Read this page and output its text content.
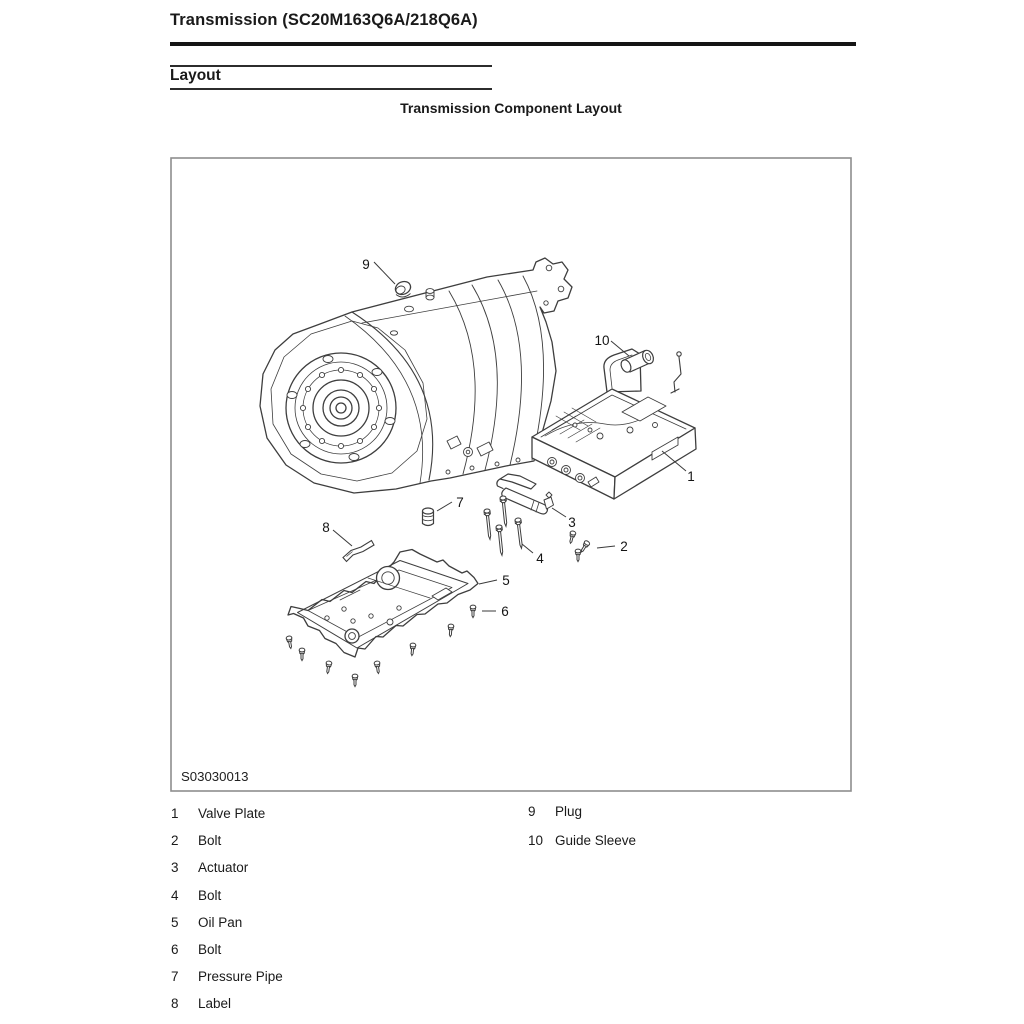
Transmission (SC20M163Q6A/218Q6A)
Layout
Transmission Component Layout
9
10
1
3
2
4
7
8
5
6
S03030013
1	Valve Plate
2	Bolt
3	Actuator
4	Bolt
5	Oil Pan
6	Bolt
7	Pressure Pipe
8	Label
9	Plug
10 Guide Sleeve
